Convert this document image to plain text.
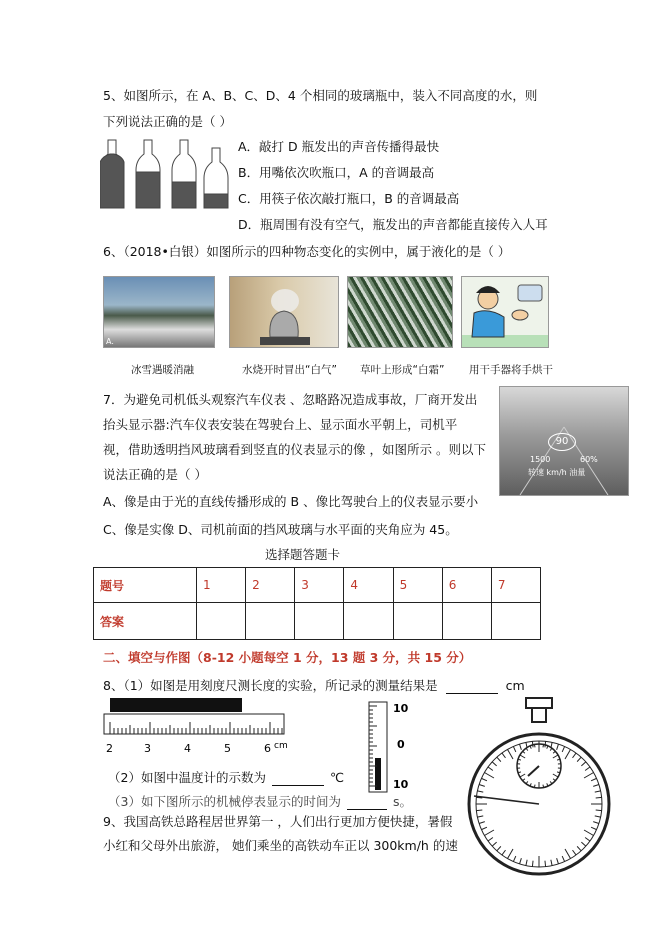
5、如图所示，在 A、B、C、D、4 个相同的玻璃瓶中，装入不同高度的水，则
下列说法正确的是（ ）
A．敲打 D 瓶发出的声音传播得最快
B．用嘴依次吹瓶口，A 的音调最高
C．用筷子依次敲打瓶口，B 的音调最高
D．瓶周围有没有空气，瓶发出的声音都能直接传入人耳
6、（2018•白银）如图所示的四种物态变化的实例中，属于液化的是（ ）
A.
冰雪遇暖消融	水烧开时冒出“白气” 草叶上形成“白霜” 用干手器将手烘干
7．为避免司机低头观察汽车仪表 、忽略路况造成事故，厂商开发出
抬头显示器:汽车仪表安装在驾驶台上、显示面水平朝上，司机平
视，借助透明挡风玻璃看到竖直的仪表显示的像 ，如图所示 。则以下
说法正确的是（ ）
A、像是由于光的直线传播形成的 B 、像比驾驶台上的仪表显示要小
C、像是实像 D、司机前面的挡风玻璃与水平面的夹角应为 45。
90
1500	60%
转速 km/h 油量
选择题答题卡
题号	1	2	3	4	5	6	7
答案							
二、填空与作图（8-12 小题每空 1 分，13 题 3 分，共 15 分）
8、（1）如图是用刻度尺测长度的实验，所记录的测量结果是	cm
2	3	4	5	6 cm
10
0
10
（2）如图中温度计的示数为	℃
（3）如下图所示的机械停表显示的时间为	s。
9、我国高铁总路程居世界第一 ，人们出行更加方便快捷，暑假
小红和父母外出旅游， 她们乘坐的高铁动车正以 300km/h 的速
